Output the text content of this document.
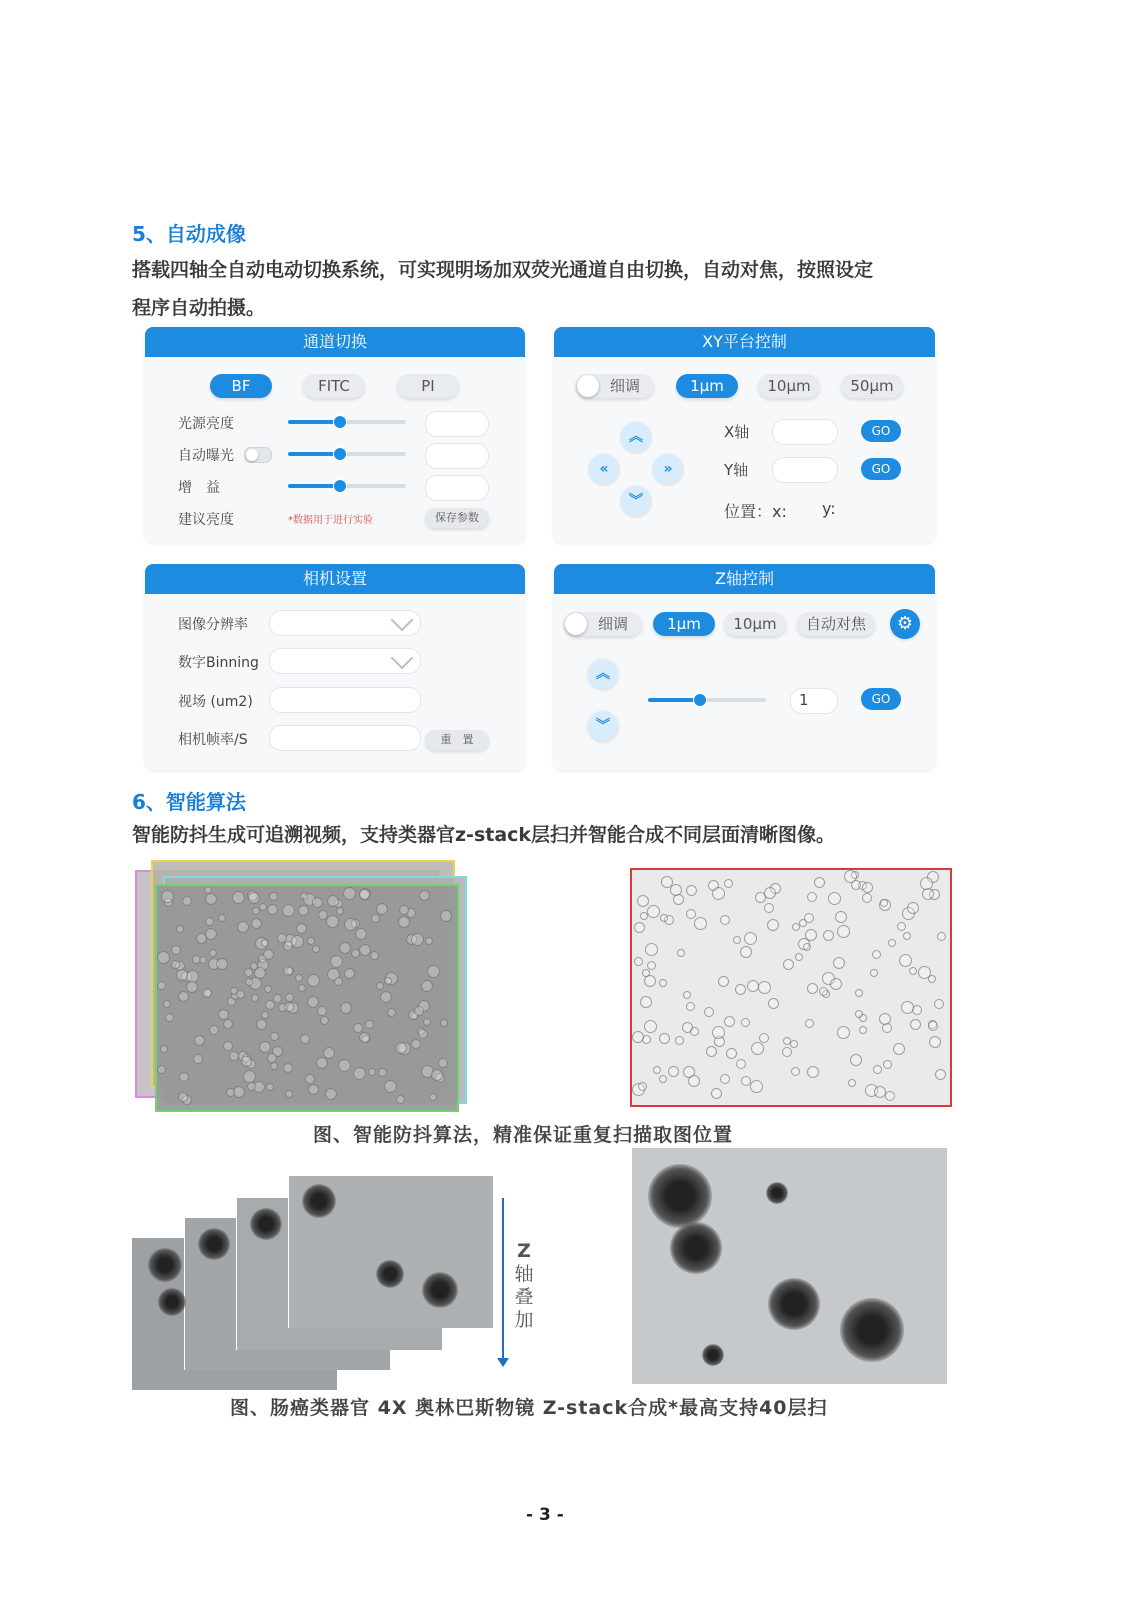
5、自动成像
搭载四轴全自动电动切换系统，可实现明场加双荧光通道自由切换，自动对焦，按照设定
程序自动拍摄。
通道切换
BF	FITC	PI
光源亮度
自动曝光
增　益
建议亮度	*数据用于进行实验	保存参数
XY平台控制
细调	1μm	10μm	50μm
︽
«	»
︾
X轴	GO
Y轴	GO
位置：x: y:
相机设置
图像分辨率
数字Binning
视场 (um2)
相机帧率/S	重　置
Z轴控制
细调	1μm	10μm	自动对焦	⚙
︽
︾
1	GO
6、智能算法
智能防抖生成可追溯视频，支持类器官z-stack层扫并智能合成不同层面清晰图像。
图、智能防抖算法，精准保证重复扫描取图位置
Z
轴
叠
加
图、肠癌类器官 4X 奥林巴斯物镜 Z-stack合成*最高支持40层扫
- 3 -
